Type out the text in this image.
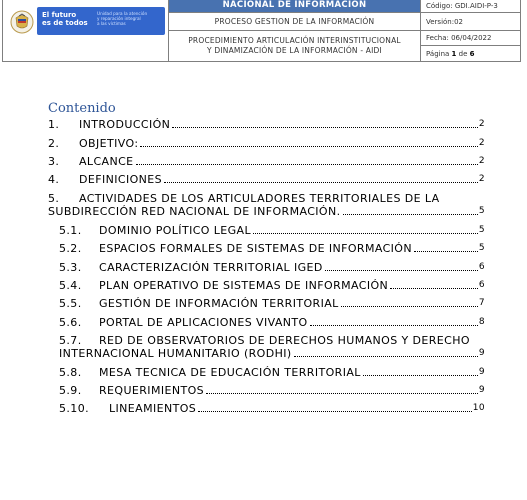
El futuro
es de todos
Unidad para la atención
y reparación integral
a las víctimas
NACIONAL DE INFORMACIÓN
PROCESO GESTION DE LA INFORMACIÓN
PROCEDIMIENTO ARTICULACIÓN INTERINSTITUCIONAL
Y DINAMIZACIÓN DE LA INFORMACIÓN - AIDI
Código: GDI.AIDI-P-3
Versión:02
Fecha: 06/04/2022
Página
1
de
6
Contenido
1. INTRODUCCIÓN	2
2. OBJETIVO:	2
3. ALCANCE	2
4. DEFINICIONES	2
5. ACTIVIDADES DE LOS ARTICULADORES TERRITORIALES DE LA
SUBDIRECCIÓN RED NACIONAL DE INFORMACIÓN.	5
5.1. DOMINIO POLÍTICO LEGAL	5
5.2. ESPACIOS FORMALES DE SISTEMAS DE INFORMACIÓN	5
5.3. CARACTERIZACIÓN TERRITORIAL IGED	6
5.4. PLAN OPERATIVO DE SISTEMAS DE INFORMACIÓN	6
5.5. GESTIÓN DE INFORMACIÓN TERRITORIAL	7
5.6. PORTAL DE APLICACIONES VIVANTO	8
5.7. RED DE OBSERVATORIOS DE DERECHOS HUMANOS Y DERECHO
INTERNACIONAL HUMANITARIO (RODHI)	9
5.8. MESA TECNICA DE EDUCACIÓN TERRITORIAL	9
5.9. REQUERIMIENTOS	9
5.10. LINEAMIENTOS	10
